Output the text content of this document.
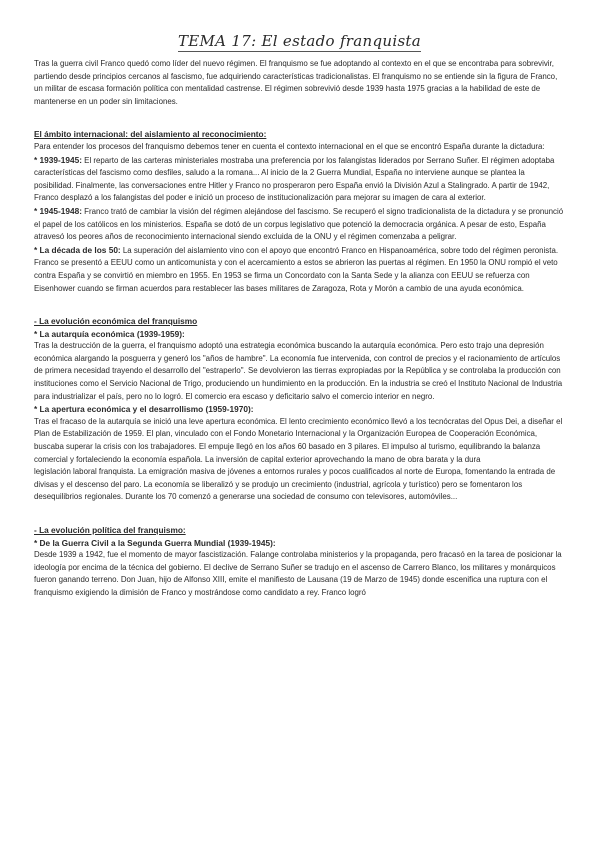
TEMA 17: El estado franquista

Tras la guerra civil Franco quedó como líder del nuevo régimen. El franquismo se fue adoptando al contexto en el que se encontraba para sobrevivir, partiendo desde principios cercanos al fascismo, fue adquiriendo características tradicionalistas. El franquismo no se entiende sin la figura de Franco, un militar de escasa formación política con mentalidad castrense. El régimen sobrevivió desde 1939 hasta 1975 gracias a la habilidad de este de mantenerse en un poder sin limitaciones.

El ámbito internacional: del aislamiento al reconocimiento:

Para entender los procesos del franquismo debemos tener en cuenta el contexto internacional en el que se encontró España durante la dictadura:

* 1939-1945: El reparto de las carteras ministeriales mostraba una preferencia por los falangistas liderados por Serrano Suñer. El régimen adoptaba características del fascismo como desfiles, saludo a la romana... Al inicio de la 2 Guerra Mundial, España no interviene aunque se plantea la posibilidad. Finalmente, las conversaciones entre Hitler y Franco no prosperaron pero España envió la División Azul a Stalingrado. A partir de 1942, Franco desplazó a los falangistas del poder e inició un proceso de institucionalización para mejorar su imagen de cara al exterior.

* 1945-1948: Franco trató de cambiar la visión del régimen alejándose del fascismo. Se recuperó el signo tradicionalista de la dictadura y se pronunció el papel de los católicos en los ministerios. España se dotó de un corpus legislativo que potenció la democracia orgánica. A pesar de esto, España atravesó los peores años de reconocimiento internacional siendo excluida de la ONU y el régimen comenzaba a peligrar.

* La década de los 50: La superación del aislamiento vino con el apoyo que encontró Franco en Hispanoamérica, sobre todo del régimen peronista. Franco se presentó a EEUU como un anticomunista y con el acercamiento a estos se abrieron las puertas al régimen. En 1950 la ONU rompió el veto contra España y se convirtió en miembro en 1955. En 1953 se firma un Concordato con la Santa Sede y la alianza con EEUU se refuerza con Eisenhower cuando se firman acuerdos para restablecer las bases militares de Zaragoza, Rota y Morón a cambio de una ayuda económica.

- La evolución económica del franquismo

* La autarquía económica (1939-1959):

Tras la destrucción de la guerra, el franquismo adoptó una estrategia económica buscando la autarquía económica. Pero esto trajo una depresión económica alargando la posguerra y generó los "años de hambre". La economía fue intervenida, con control de precios y el racionamiento de artículos de primera necesidad trayendo el desarrollo del "estraperlo". Se devolvieron las tierras expropiadas por la República y se controlaba la producción con instituciones como el Servicio Nacional de Trigo, produciendo un hundimiento en la producción. En la industria se creó el Instituto Nacional de Industria para industrializar el país, pero no lo logró. El comercio era escaso y deficitario salvo el comercio interior en negro.

* La apertura económica y el desarrollismo (1959-1970):

Tras el fracaso de la autarquía se inició una leve apertura económica. El lento crecimiento económico llevó a los tecnócratas del Opus Dei, a diseñar el Plan de Estabilización de 1959. El plan, vinculado con el Fondo Monetario Internacional y la Organización Europea de Cooperación Económica, buscaba superar la crisis con los trabajadores. El empuje llegó en los años 60 basado en 3 pilares. El impulso al turismo, equilibrando la balanza comercial y fortaleciendo la economía española. La inversión de capital exterior aprovechando la mano de obra barata y la dura

legislación laboral franquista. La emigración masiva de jóvenes a entornos rurales y pocos cualificados al norte de Europa, fomentando la entrada de divisas y el descenso del paro. La economía se liberalizó y se produjo un crecimiento (industrial, agrícola y turístico) pero se fomentaron los desequilibrios regionales. Durante los 70 comenzó a generarse una sociedad de consumo con televisores, automóviles...

- La evolución política del franquismo:

* De la Guerra Civil a la Segunda Guerra Mundial (1939-1945):

Desde 1939 a 1942, fue el momento de mayor fascistización. Falange controlaba ministerios y la propaganda, pero fracasó en la tarea de posicionar la ideología por encima de la técnica del gobierno. El declive de Serrano Suñer se tradujo en el ascenso de Carrero Blanco, los militares y monárquicos fueron ganando terreno. Don Juan, hijo de Alfonso XIII, emite el manifiesto de Lausana (19 de Marzo de 1945) donde escenifica una ruptura con el franquismo exigiendo la dimisión de Franco y mostrándose como candidato a rey. Franco logró
